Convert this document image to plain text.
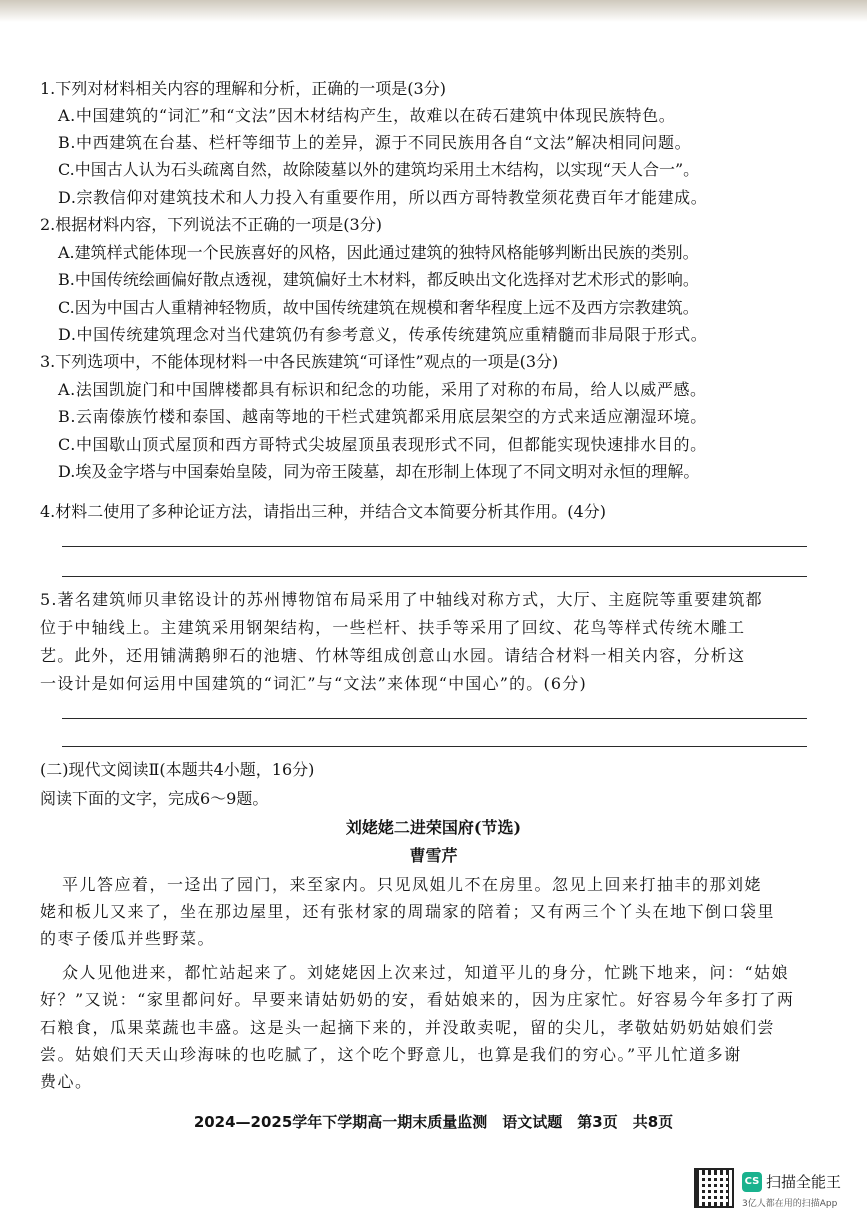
1.下列对材料相关内容的理解和分析，正确的一项是(3分)
A.中国建筑的“词汇”和“文法”因木材结构产生，故难以在砖石建筑中体现民族特色。
B.中西建筑在台基、栏杆等细节上的差异，源于不同民族用各自“文法”解决相同问题。
C.中国古人认为石头疏离自然，故除陵墓以外的建筑均采用土木结构，以实现“天人合一”。
D.宗教信仰对建筑技术和人力投入有重要作用，所以西方哥特教堂须花费百年才能建成。
2.根据材料内容，下列说法不正确的一项是(3分)
A.建筑样式能体现一个民族喜好的风格，因此通过建筑的独特风格能够判断出民族的类别。
B.中国传统绘画偏好散点透视，建筑偏好土木材料，都反映出文化选择对艺术形式的影响。
C.因为中国古人重精神轻物质，故中国传统建筑在规模和奢华程度上远不及西方宗教建筑。
D.中国传统建筑理念对当代建筑仍有参考意义，传承传统建筑应重精髓而非局限于形式。
3.下列选项中，不能体现材料一中各民族建筑“可译性”观点的一项是(3分)
A.法国凯旋门和中国牌楼都具有标识和纪念的功能，采用了对称的布局，给人以威严感。
B.云南傣族竹楼和泰国、越南等地的干栏式建筑都采用底层架空的方式来适应潮湿环境。
C.中国歇山顶式屋顶和西方哥特式尖坡屋顶虽表现形式不同，但都能实现快速排水目的。
D.埃及金字塔与中国秦始皇陵，同为帝王陵墓，却在形制上体现了不同文明对永恒的理解。
4.材料二使用了多种论证方法，请指出三种，并结合文本简要分析其作用。(4分)
5.著名建筑师贝聿铭设计的苏州博物馆布局采用了中轴线对称方式，大厅、主庭院等重要建筑都
位于中轴线上。主建筑采用钢架结构，一些栏杆、扶手等采用了回纹、花鸟等样式传统木雕工
艺。此外，还用铺满鹅卵石的池塘、竹林等组成创意山水园。请结合材料一相关内容，分析这
一设计是如何运用中国建筑的“词汇”与“文法”来体现“中国心”的。(6分)
(二)现代文阅读Ⅱ(本题共4小题，16分)
阅读下面的文字，完成6～9题。
刘姥姥二进荣国府(节选)
曹雪芹
平儿答应着，一迳出了园门，来至家内。只见凤姐儿不在房里。忽见上回来打抽丰的那刘姥
姥和板儿又来了，坐在那边屋里，还有张材家的周瑞家的陪着；又有两三个丫头在地下倒口袋里
的枣子倭瓜并些野菜。
众人见他进来，都忙站起来了。刘姥姥因上次来过，知道平儿的身分，忙跳下地来，问：“姑娘
好？”又说：“家里都问好。早要来请姑奶奶的安，看姑娘来的，因为庄家忙。好容易今年多打了两
石粮食，瓜果菜蔬也丰盛。这是头一起摘下来的，并没敢卖呢，留的尖儿，孝敬姑奶奶姑娘们尝
尝。姑娘们天天山珍海味的也吃腻了，这个吃个野意儿，也算是我们的穷心。”平儿忙道多谢
费心。
2024—2025学年下学期高一期末质量监测　语文试题　第3页　共8页
CS 扫描全能王
3亿人都在用的扫描App
